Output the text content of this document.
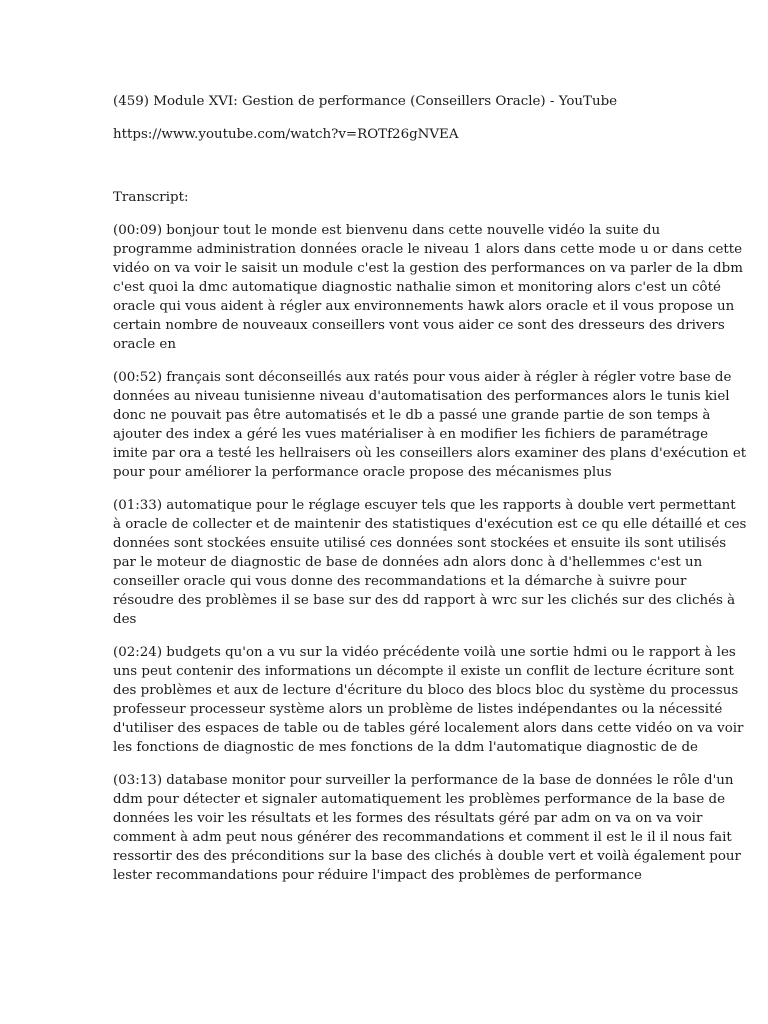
(459) Module XVI: Gestion de performance (Conseillers Oracle) - YouTube

https://www.youtube.com/watch?v=ROTf26gNVEA

Transcript:

(00:09) bonjour tout le monde est bienvenu dans cette nouvelle vidéo la suite du
programme administration données oracle le niveau 1 alors dans cette mode u or dans cette
vidéo on va voir le saisit un module c'est la gestion des performances on va parler de la dbm
c'est quoi la dmc automatique diagnostic nathalie simon et monitoring alors c'est un côté
oracle qui vous aident à régler aux environnements hawk alors oracle et il vous propose un
certain nombre de nouveaux conseillers vont vous aider ce sont des dresseurs des drivers
oracle en

(00:52) français sont déconseillés aux ratés pour vous aider à régler à régler votre base de
données au niveau tunisienne niveau d'automatisation des performances alors le tunis kiel
donc ne pouvait pas être automatisés et le db a passé une grande partie de son temps à
ajouter des index a géré les vues matérialiser à en modifier les fichiers de paramétrage
imite par ora a testé les hellraisers où les conseillers alors examiner des plans d'exécution et
pour pour améliorer la performance oracle propose des mécanismes plus

(01:33) automatique pour le réglage escuyer tels que les rapports à double vert permettant
à oracle de collecter et de maintenir des statistiques d'exécution est ce qu elle détaillé et ces
données sont stockées ensuite utilisé ces données sont stockées et ensuite ils sont utilisés
par le moteur de diagnostic de base de données adn alors donc à d'hellemmes c'est un
conseiller oracle qui vous donne des recommandations et la démarche à suivre pour
résoudre des problèmes il se base sur des dd rapport à wrc sur les clichés sur des clichés à
des

(02:24) budgets qu'on a vu sur la vidéo précédente voilà une sortie hdmi ou le rapport à les
uns peut contenir des informations un décompte il existe un conflit de lecture écriture sont
des problèmes et aux de lecture d'écriture du bloco des blocs bloc du système du processus
professeur processeur système alors un problème de listes indépendantes ou la nécessité
d'utiliser des espaces de table ou de tables géré localement alors dans cette vidéo on va voir
les fonctions de diagnostic de mes fonctions de la ddm l'automatique diagnostic de de

(03:13) database monitor pour surveiller la performance de la base de données le rôle d'un
ddm pour détecter et signaler automatiquement les problèmes performance de la base de
données les voir les résultats et les formes des résultats géré par adm on va on va voir
comment à adm peut nous générer des recommandations et comment il est le il il nous fait
ressortir des des préconditions sur la base des clichés à double vert et voilà également pour
lester recommandations pour réduire l'impact des problèmes de performance
